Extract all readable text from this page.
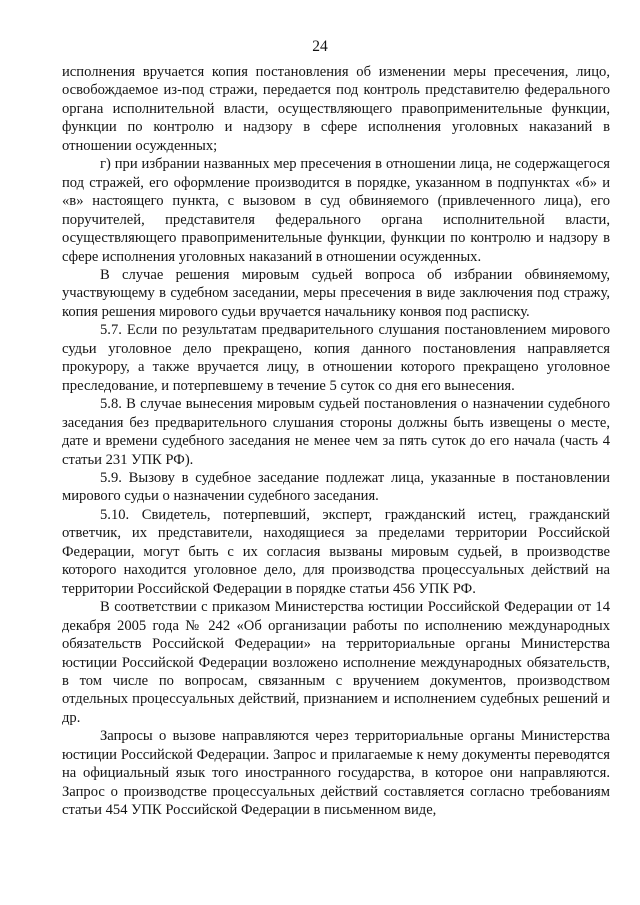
24

исполнения вручается копия постановления об изменении меры пресечения, лицо, освобождаемое из-под стражи, передается под контроль представителю федерального органа исполнительной власти, осуществляющего правоприменительные функции, функции по контролю и надзору в сфере исполнения уголовных наказаний в отношении осужденных;

г) при избрании названных мер пресечения в отношении лица, не содержащегося под стражей, его оформление производится в порядке, указанном в подпунктах «б» и «в» настоящего пункта, с вызовом в суд обвиняемого (привлеченного лица), его поручителей, представителя федерального органа исполнительной власти, осуществляющего правоприменительные функции, функции по контролю и надзору в сфере исполнения уголовных наказаний в отношении осужденных.

В случае решения мировым судьей вопроса об избрании обвиняемому, участвующему в судебном заседании, меры пресечения в виде заключения под стражу, копия решения мирового судьи вручается начальнику конвоя под расписку.

5.7. Если по результатам предварительного слушания постановлением мирового судьи уголовное дело прекращено, копия данного постановления направляется прокурору, а также вручается лицу, в отношении которого прекращено уголовное преследование, и потерпевшему в течение 5 суток со дня его вынесения.

5.8. В случае вынесения мировым судьей постановления о назначении судебного заседания без предварительного слушания стороны должны быть извещены о месте, дате и времени судебного заседания не менее чем за пять суток до его начала (часть 4 статьи 231 УПК РФ).

5.9. Вызову в судебное заседание подлежат лица, указанные в постановлении мирового судьи о назначении судебного заседания.

5.10. Свидетель, потерпевший, эксперт, гражданский истец, гражданский ответчик, их представители, находящиеся за пределами территории Российской Федерации, могут быть с их согласия вызваны мировым судьей, в производстве которого находится уголовное дело, для производства процессуальных действий на территории Российской Федерации в порядке статьи 456 УПК РФ.

В соответствии с приказом Министерства юстиции Российской Федерации от 14 декабря 2005 года № 242 «Об организации работы по исполнению международных обязательств Российской Федерации» на территориальные органы Министерства юстиции Российской Федерации возложено исполнение международных обязательств, в том числе по вопросам, связанным с вручением документов, производством отдельных процессуальных действий, признанием и исполнением судебных решений и др.

Запросы о вызове направляются через территориальные органы Министерства юстиции Российской Федерации. Запрос и прилагаемые к нему документы переводятся на официальный язык того иностранного государства, в которое они направляются. Запрос о производстве процессуальных действий составляется согласно требованиям статьи 454 УПК Российской Федерации в письменном виде,
